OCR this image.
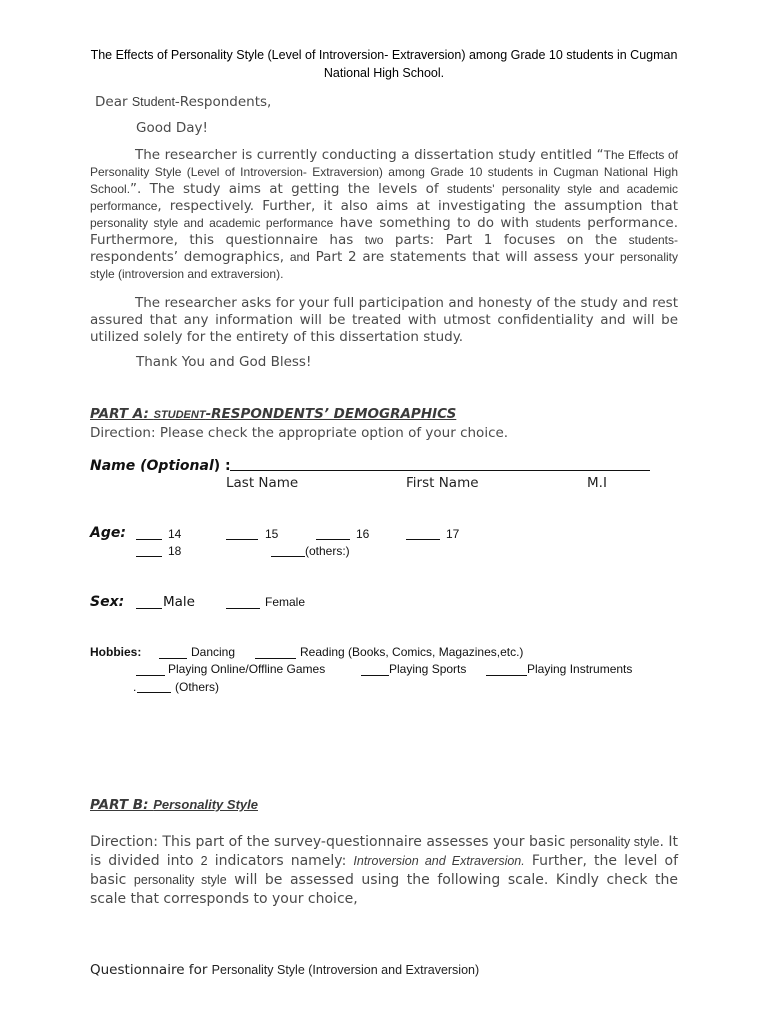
The Effects of Personality Style (Level of Introversion- Extraversion) among Grade 10 students in Cugman National High School.
Dear Student-Respondents,
Good Day!

The researcher is currently conducting a dissertation study entitled “The Effects of Personality Style (Level of Introversion- Extraversion) among Grade 10 students in Cugman National High School.”. The study aims at getting the levels of students' personality style and academic performance, respectively. Further, it also aims at investigating the assumption that personality style and academic performance have something to do with students performance. Furthermore, this questionnaire has two parts: Part 1 focuses on the students- respondents’ demographics, and Part 2 are statements that will assess your personality style (introversion and extraversion).

The researcher asks for your full participation and honesty of the study and rest assured that any information will be treated with utmost confidentiality and will be utilized solely for the entirety of this dissertation study.

Thank You and God Bless!
PART A: STUDENT-RESPONDENTS’ DEMOGRAPHICS
Direction: Please check the appropriate option of your choice.
Name (Optional) :
Last Name	First Name	M.I
Age:	14	15	16	17
18	(others:)
Sex:	Male	Female
Hobbies:	Dancing	Reading (Books, Comics, Magazines,etc.)
Playing Online/Offline Games	Playing Sports	Playing Instruments
.	(Others)
PART B: Personality Style

Direction: This part of the survey-questionnaire assesses your basic personality style. It is divided into 2 indicators namely: Introversion and Extraversion. Further, the level of basic personality style will be assessed using the following scale. Kindly check the scale that corresponds to your choice,

Questionnaire for Personality Style (Introversion and Extraversion)
